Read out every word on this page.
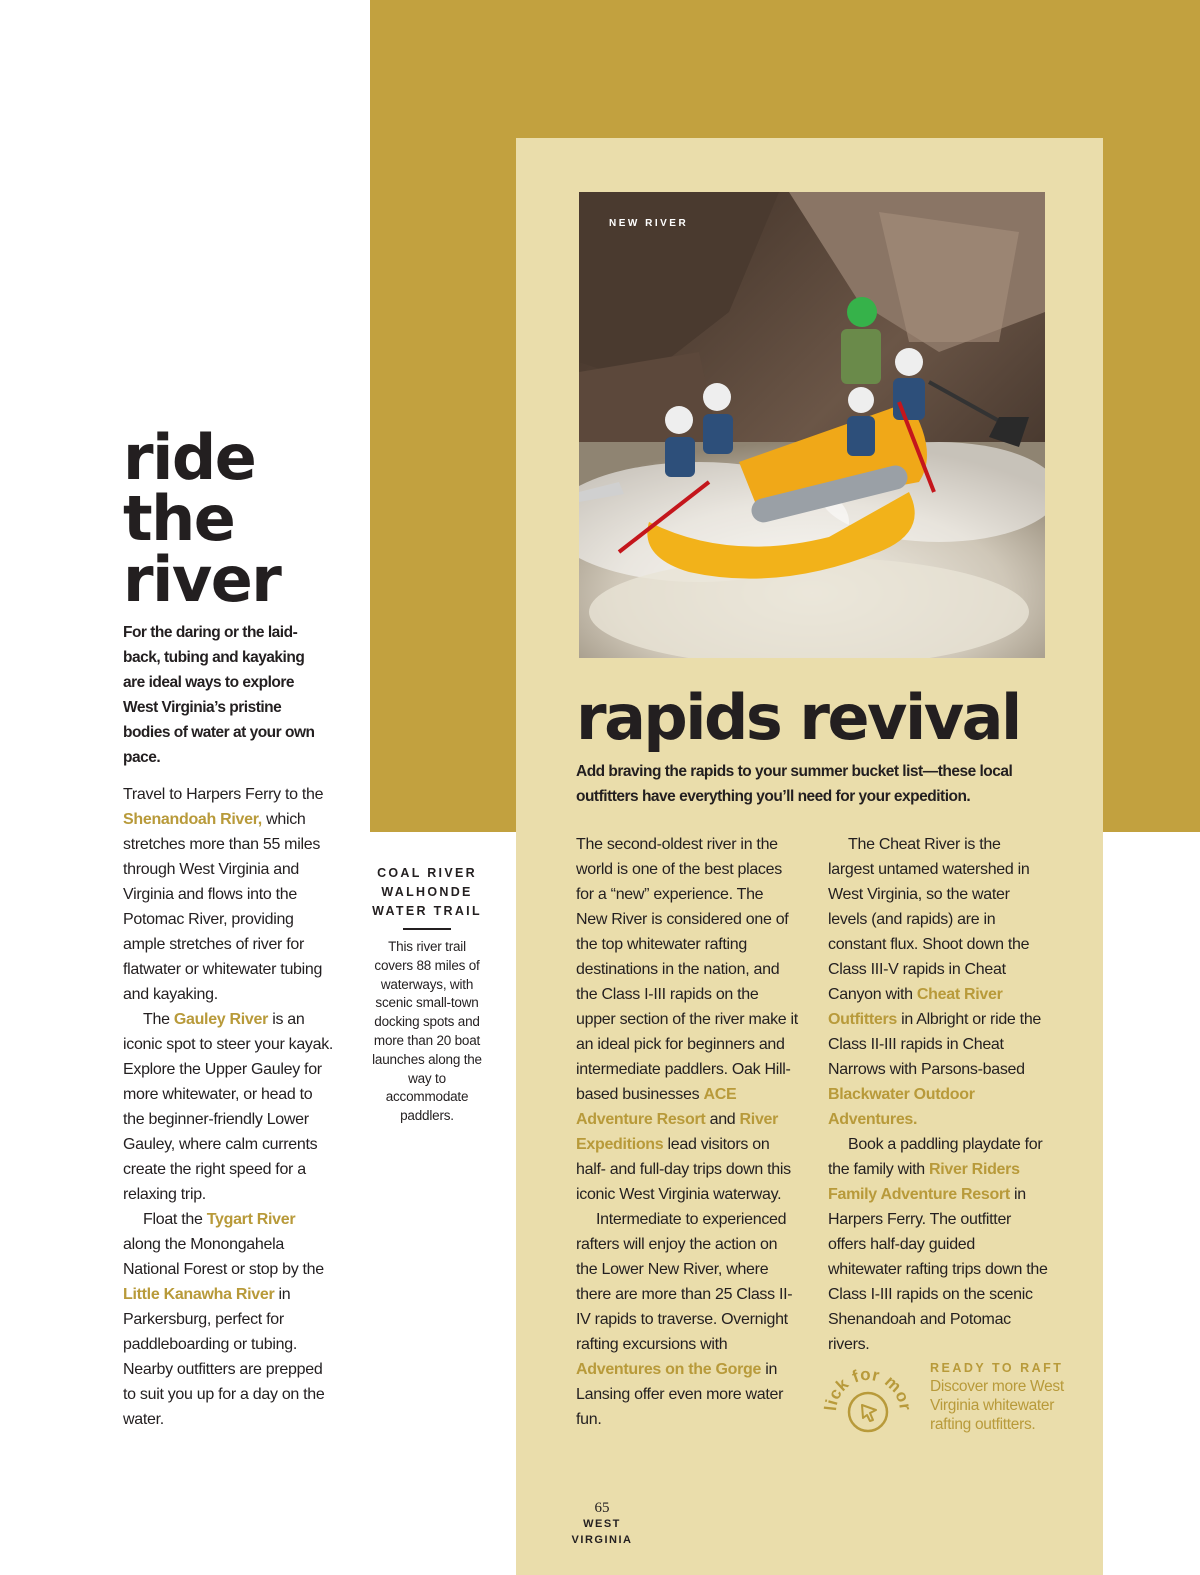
NEW RIVER
ride
the
river

For the daring or the laid-back, tubing and kayaking are ideal ways to explore West Virginia’s pristine bodies of water at your own pace.

Travel to Harpers Ferry to the Shenandoah River, which stretches more than 55 miles through West Virginia and Virginia and flows into the Potomac River, providing ample stretches of river for flatwater or whitewater tubing and kayaking.
The Gauley River is an iconic spot to steer your kayak. Explore the Upper Gauley for more whitewater, or head to the beginner-friendly Lower Gauley, where calm currents create the right speed for a relaxing trip.
Float the Tygart River along the Monongahela National Forest or stop by the Little Kanawha River in Parkersburg, perfect for paddleboarding or tubing. Nearby outfitters are prepped to suit you up for a day on the water.
COAL RIVER
WALHONDE
WATER TRAIL
This river trail covers 88 miles of waterways, with scenic small-town docking spots and more than 20 boat launches along the way to accommodate paddlers.
rapids revival

Add braving the rapids to your summer bucket list—these local outfitters have everything you’ll need for your expedition.

The second-oldest river in the world is one of the best places for a “new” experience. The New River is considered one of the top whitewater rafting destinations in the nation, and the Class I-III rapids on the upper section of the river make it an ideal pick for beginners and intermediate paddlers. Oak Hill-based businesses ACE Adventure Resort and River Expeditions lead visitors on half- and full-day trips down this iconic West Virginia waterway.
Intermediate to experienced rafters will enjoy the action on the Lower New River, where there are more than 25 Class II-IV rapids to traverse. Overnight rafting excursions with Adventures on the Gorge in Lansing offer even more water fun.
The Cheat River is the largest untamed watershed in West Virginia, so the water levels (and rapids) are in constant flux. Shoot down the Class III-V rapids in Cheat Canyon with Cheat River Outfitters in Albright or ride the Class II-III rapids in Cheat Narrows with Parsons-based Blackwater Outdoor Adventures.
Book a paddling playdate for the family with River Riders Family Adventure Resort in Harpers Ferry. The outfitter offers half-day guided whitewater rafting trips down the Class I-III rapids on the scenic Shenandoah and Potomac rivers.
lick for mor
READY TO RAFT
Discover more West Virginia whitewater rafting outfitters.
65
WEST VIRGINIA
